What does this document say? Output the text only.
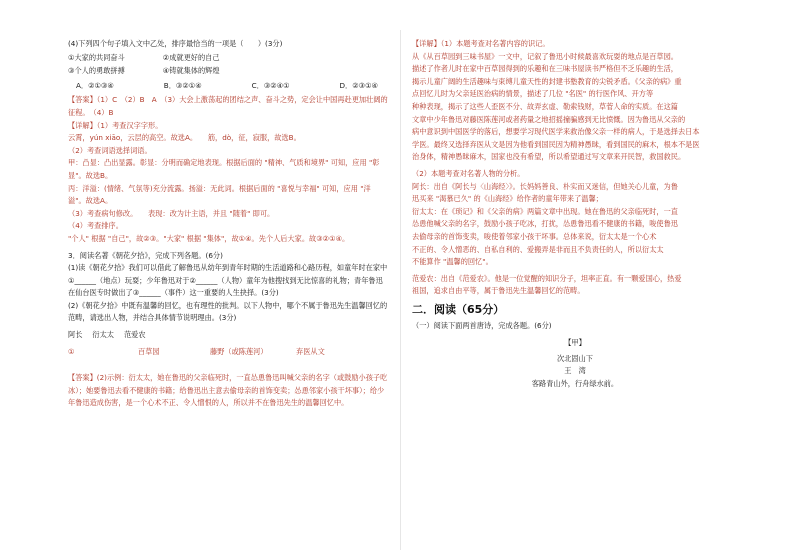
(4)下列四个句子填入文中乙处，排序最恰当的一项是（　　）(3分)

①大家的共同奋斗	②成就更好的自己
③个人的勇敢拼搏	④铸就集体的辉煌
A．②①③④	B．③②①④	C．③②④①	D．②③①④

【答案】（1）C　（2）B　A　（3）大会上激荡起的团结之声、奋斗之势，定会让中国再赴更加壮阔的征程。　（4）B

【详解】（1）考查汉字字形。

云霄，yún xiāo，云层的高空。故选A。　　筋，dò，征，寂服，故选B。

（2）考查词语选择词语。

甲：凸显：凸出显露。彰显：分明而确定地表现。根据后面的 "精神、气质和境界" 可知，应用 "彰显"。故选B。

丙：洋溢：(情绪、气氛等)充分流露。扬溢：无此词。根据后面的 "喜悦与幸福" 可知，应用 "洋溢"。故选A。

（3）考查病句修改。　　表现：改为计主语，并且 "随着" 即可。

（4）考查排序。

"个人" 根据 "自己"，故②③。"大家" 根据 "集体"，故①④。先个人后大家。故③②①④。

3．阅读名著《朝花夕拾》，完成下列各题。(6分)

(1)读《朝花夕拾》我们可以借此了解鲁迅从幼年到青年时期的生活道路和心路历程，如童年时在家中①______（地点）玩耍；少年鲁迅对于②______（人物）童年为他搜找到无比惊喜的礼物；青年鲁迅在仙台医专时做出了③______（事件）这一重要的人生抉择。(3分)

(2)《朝花夕拾》中既有温馨的回忆，也有理性的批判。以下人物中，哪个不属于鲁迅先生温馨回忆的范畴，请选出人物，并结合具体情节说明理由。(3分)

阿长 衍太太 范爱农
①	百草园	藤野（或陈莲河）	弃医从文

【答案】(2)示例：衍太太，她在鲁迅的父亲临死时，一直怂恿鲁迅叫喊父亲的名字（或鼓励小孩子吃冰）；她要鲁迅去看不健康的书籍；给鲁迅出主意去偷母亲的首饰变卖；怂恿邻家小孩干坏事）；给少年鲁迅造成伤害，是一个心术不正、令人憎恨的人，所以并不在鲁迅先生的温馨回忆中。

【详解】（1）本题考查对名著内容的识记。

从《从百草园到三味书屋》一文中，记叙了鲁迅小时候最喜欢玩耍的地点是百草园。

描述了作者儿时在家中百草园得到的乐趣和在三味书屋读书严格但不乏乐趣的生活，

揭示儿童广阔的生活趣味与束缚儿童天性的封建书塾教育的尖锐矛盾。《父亲的病》重

点回忆儿时为父亲延医治病的情景，描述了几位 "名医" 的行医作风、开方等

种种表现，揭示了这些人歪医不分、故弄玄虚、勒索钱财，草菅人命的实质。在这篇

文章中少年鲁迅对藤医陈莲河或者药量之地招摇撞骗感到无比愤慨。因为鲁迅从父亲的

病中意识到中国医学的落后，想要学习现代医学来救治像父亲一样的病人，于是选择去日本

学医。最终又选择弃医从文是因为他看到国民因为精神愚昧，看到国民的麻木，根本不是医

治身体，精神愚昧麻木，国家也没有希望，所以希望通过写文章来开民智，救国救民。

（2）本题考查对名著人物的分析。

阿长：出自《阿长与〈山海经〉》。长妈妈善良、朴实而又迷信，但她关心儿童，为鲁

迅买来 "渴慕已久" 的《山海经》给作者的童年带来了温馨；

衍太太：在《琐记》和《父亲的病》两篇文章中出现。她在鲁迅的父亲临死时，一直

怂恿他喊父亲的名字，鼓励小孩子吃冰，打扰，怂恿鲁迅看不健康的书籍，唆使鲁迅

去偷母亲的首饰变卖，唆使着邻家小孩干坏事。总体来说，衍太太是一个心术

不正的、令人憎恶的、自私自利的、爱搬弄是非而且不负责任的人，所以衍太太

不能算作 "温馨的回忆"。

范爱农：出自《范爱农》。他是一位觉醒的知识分子，坦率正直。有一颗爱国心，热爱

祖国，追求自由平等，属于鲁迅先生温馨回忆的范畴。

二．阅读（65分）

（一）阅读下面两首唐诗，完成各题。(6分)

【甲】

次北固山下

王　湾

客路青山外，行舟绿水前。
